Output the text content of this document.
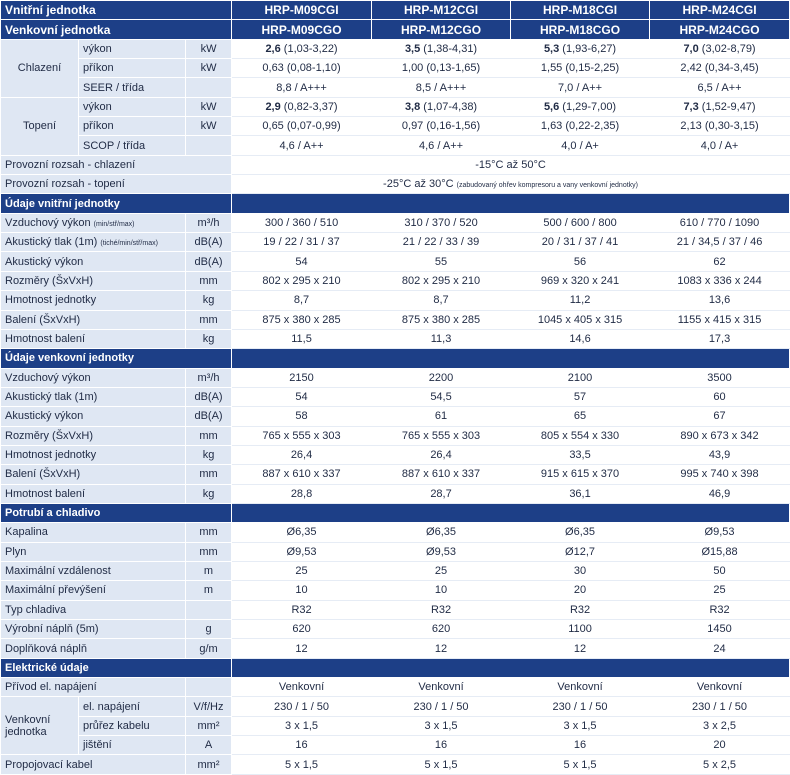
Vnitřní jednotka			HRP-M09CGI	HRP-M12CGI	HRP-M18CGI	HRP-M24CGI
Venkovní jednotka			HRP-M09CGO	HRP-M12CGO	HRP-M18CGO	HRP-M24CGO
Chlazení	výkon	kW	2,6 (1,03-3,22)	3,5 (1,38-4,31)	5,3 (1,93-6,27)	7,0 (3,02-8,79)
	příkon	kW	0,63 (0,08-1,10)	1,00 (0,13-1,65)	1,55 (0,15-2,25)	2,42 (0,34-3,45)
	SEER / třída		8,8 / A+++	8,5 / A+++	7,0 / A++	6,5 / A++
Topení	výkon	kW	2,9 (0,82-3,37)	3,8 (1,07-4,38)	5,6 (1,29-7,00)	7,3 (1,52-9,47)
	příkon	kW	0,65 (0,07-0,99)	0,97 (0,16-1,56)	1,63 (0,22-2,35)	2,13 (0,30-3,15)
	SCOP / třída		4,6 / A++	4,6 / A++	4,0 / A+	4,0 / A+
Provozní rozsah - chlazení			-15°C až 50°C			
Provozní rozsah - topení			-25°C až 30°C (zabudovaný ohřev kompresoru a vany venkovní jednotky)			
Údaje vnitřní jednotky						
Vzduchový výkon (min/stř/max)		m³/h	300 / 360 / 510	310 / 370 / 520	500 / 600 / 800	610 / 770 / 1090
Akustický tlak (1m) (tiché/min/stř/max)		dB(A)	19 / 22 / 31 / 37	21 / 22 / 33 / 39	20 / 31 / 37 / 41	21 / 34,5 / 37 / 46
Akustický výkon		dB(A)	54	55	56	62
Rozměry (ŠxVxH)		mm	802 x 295 x 210	802 x 295 x 210	969 x 320 x 241	1083 x 336 x 244
Hmotnost jednotky		kg	8,7	8,7	11,2	13,6
Balení (ŠxVxH)		mm	875 x 380 x 285	875 x 380 x 285	1045 x 405 x 315	1155 x 415 x 315
Hmotnost balení		kg	11,5	11,3	14,6	17,3
Údaje venkovní jednotky						
Vzduchový výkon		m³/h	2150	2200	2100	3500
Akustický tlak (1m)		dB(A)	54	54,5	57	60
Akustický výkon		dB(A)	58	61	65	67
Rozměry (ŠxVxH)		mm	765 x 555 x 303	765 x 555 x 303	805 x 554 x 330	890 x 673 x 342
Hmotnost jednotky		kg	26,4	26,4	33,5	43,9
Balení (ŠxVxH)		mm	887 x 610 x 337	887 x 610 x 337	915 x 615 x 370	995 x 740 x 398
Hmotnost balení		kg	28,8	28,7	36,1	46,9
Potrubí a chladivo						
Kapalina		mm	Ø6,35	Ø6,35	Ø6,35	Ø9,53
Plyn		mm	Ø9,53	Ø9,53	Ø12,7	Ø15,88
Maximální vzdálenost		m	25	25	30	50
Maximální převýšení		m	10	10	20	25
Typ chladiva			R32	R32	R32	R32
Výrobní náplň (5m)		g	620	620	1100	1450
Doplňková náplň		g/m	12	12	12	24
Elektrické údaje						
Přívod el. napájení			Venkovní	Venkovní	Venkovní	Venkovní
Venkovní
jednotka	el. napájení	V/f/Hz	230 / 1 / 50	230 / 1 / 50	230 / 1 / 50	230 / 1 / 50
	průřez kabelu	mm²	3 x 1,5	3 x 1,5	3 x 1,5	3 x 2,5
	jištění	A	16	16	16	20
Propojovací kabel		mm²	5 x 1,5	5 x 1,5	5 x 1,5	5 x 2,5
